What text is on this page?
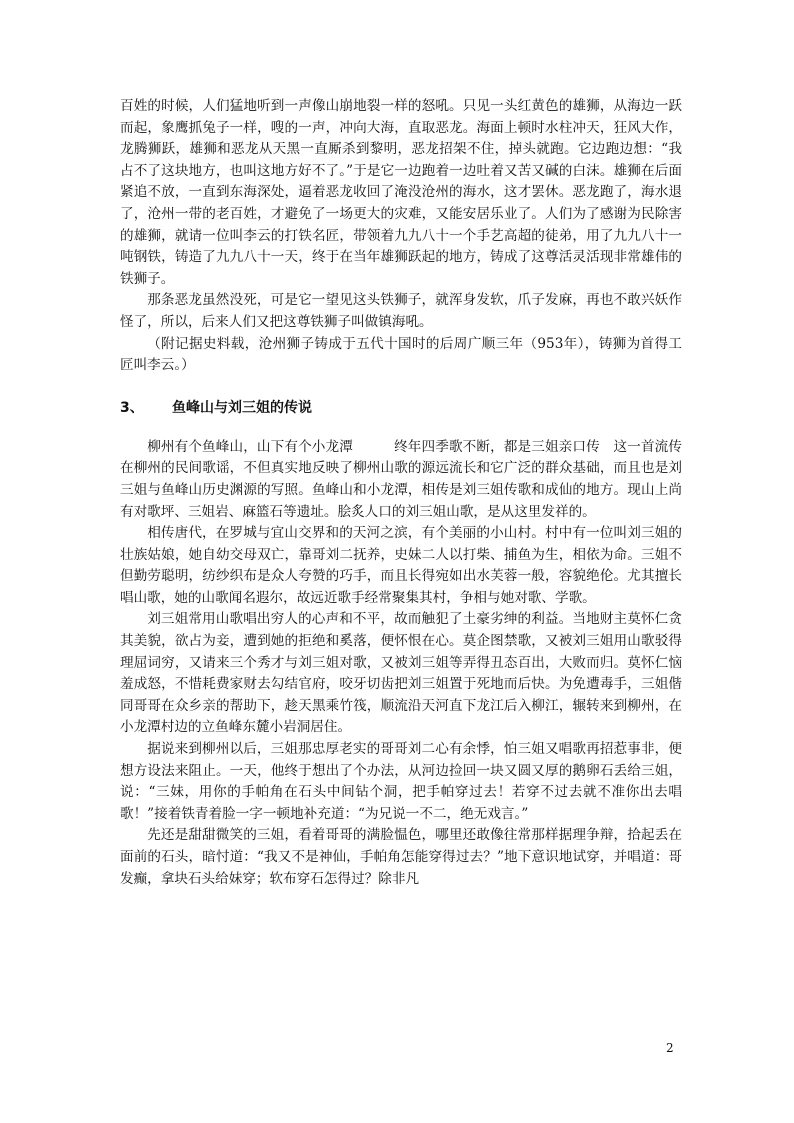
百姓的时候，人们猛地听到一声像山崩地裂一样的怒吼。只见一头红黄色的雄狮，从海边一跃而起，象鹰抓兔子一样，嗖的一声，冲向大海，直取恶龙。海面上顿时水柱冲天，狂风大作，龙腾狮跃，雄狮和恶龙从天黑一直厮杀到黎明，恶龙招架不住，掉头就跑。它边跑边想：“我占不了这块地方，也叫这地方好不了。”于是它一边跑着一边吐着又苦又碱的白沫。雄狮在后面紧追不放，一直到东海深处，逼着恶龙收回了淹没沧州的海水，这才罢休。恶龙跑了，海水退了，沧州一带的老百姓，才避免了一场更大的灾难，又能安居乐业了。人们为了感谢为民除害的雄狮，就请一位叫李云的打铁名匠，带领着九九八十一个手艺高超的徒弟，用了九九八十一吨钢铁，铸造了九九八十一天，终于在当年雄狮跃起的地方，铸成了这尊活灵活现非常雄伟的铁狮子。

那条恶龙虽然没死，可是它一望见这头铁狮子，就浑身发软，爪子发麻，再也不敢兴妖作怪了，所以，后来人们又把这尊铁狮子叫做镇海吼。

（附记据史料载，沧州狮子铸成于五代十国时的后周广顺三年（953年），铸狮为首得工匠叫李云。）

3、	鱼峰山与刘三姐的传说

柳州有个鱼峰山，山下有个小龙潭　　　终年四季歌不断，都是三姐亲口传　这一首流传在柳州的民间歌谣，不但真实地反映了柳州山歌的源远流长和它广泛的群众基础，而且也是刘三姐与鱼峰山历史渊源的写照。鱼峰山和小龙潭，相传是刘三姐传歌和成仙的地方。现山上尚有对歌坪、三姐岩、麻篮石等遗址。脍炙人口的刘三姐山歌，是从这里发祥的。

相传唐代，在罗城与宜山交界和的天河之滨，有个美丽的小山村。村中有一位叫刘三姐的壮族姑娘，她自幼交母双亡，靠哥刘二抚养，史妹二人以打柴、捕鱼为生，相依为命。三姐不但勤劳聪明，纺纱织布是众人夸赞的巧手，而且长得宛如出水芙蓉一般，容貌绝伦。尤其擅长唱山歌，她的山歌闻名遐尔，故远近歌手经常聚集其村，争相与她对歌、学歌。

刘三姐常用山歌唱出穷人的心声和不平，故而触犯了土豪劣绅的利益。当地财主莫怀仁贪其美貌，欲占为妾，遭到她的拒绝和奚落，便怀恨在心。莫企图禁歌，又被刘三姐用山歌驳得理屈词穷，又请来三个秀才与刘三姐对歌，又被刘三姐等弄得丑态百出，大败而归。莫怀仁恼羞成怒，不惜耗费家财去勾结官府，咬牙切齿把刘三姐置于死地而后快。为免遭毒手，三姐偕同哥哥在众乡亲的帮助下，趁天黑乘竹筏，顺流沿天河直下龙江后入柳江，辗转来到柳州，在小龙潭村边的立鱼峰东麓小岩洞居住。

据说来到柳州以后，三姐那忠厚老实的哥哥刘二心有余悸，怕三姐又唱歌再招惹事非，便想方设法来阻止。一天，他终于想出了个办法，从河边捡回一块又圆又厚的鹅卵石丢给三姐，说：“三妹，用你的手帕角在石头中间钻个洞，把手帕穿过去！若穿不过去就不准你出去唱歌！”接着铁青着脸一字一顿地补充道：“为兄说一不二，绝无戏言。”

先还是甜甜微笑的三姐，看着哥哥的满脸愠色，哪里还敢像往常那样据理争辩，拾起丢在面前的石头，暗忖道：“我又不是神仙，手帕角怎能穿得过去？”地下意识地试穿，并唱道：哥发癫，拿块石头给妹穿；软布穿石怎得过？除非凡

2
